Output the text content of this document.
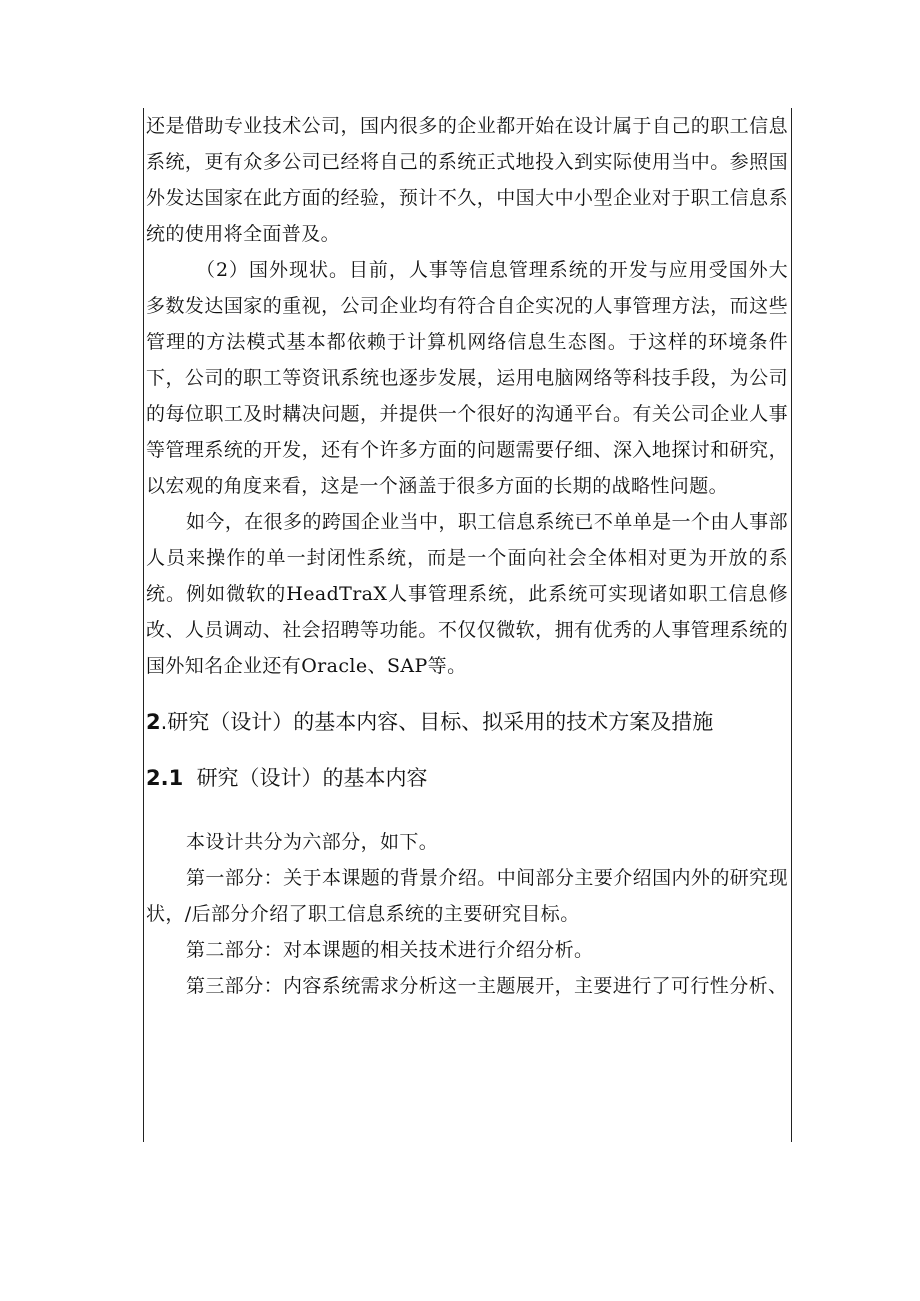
还是借助专业技术公司，国内很多的企业都开始在设计属于自己的职工信息系统，更有众多公司已经将自己的系统正式地投入到实际使用当中。参照国外发达国家在此方面的经验，预计不久，中国大中小型企业对于职工信息系统的使用将全面普及。

（2）国外现状。目前，人事等信息管理系统的开发与应用受国外大多数发达国家的重视，公司企业均有符合自企实况的人事管理方法，而这些管理的方法模式基本都依赖于计算机网络信息生态图。于这样的环境条件下，公司的职工等资讯系统也逐步发展，运用电脑网络等科技手段，为公司的每位职工及时耩决问题，并提供一个很好的沟通平台。有关公司企业人事等管理系统的开发，还有个许多方面的问题需要仔细、深入地探讨和研究，以宏观的角度来看，这是一个涵盖于很多方面的长期的战略性问题。

如今，在很多的跨国企业当中，职工信息系统已不单单是一个由人事部人员来操作的单一封闭性系统，而是一个面向社会全体相对更为开放的系统。例如微软的HeadTraX人事管理系统，此系统可实现诸如职工信息修改、人员调动、社会招聘等功能。不仅仅微软，拥有优秀的人事管理系统的国外知名企业还有Oracle、SAP等。

2.研究（设计）的基本内容、目标、拟采用的技术方案及措施
2.1 研究（设计）的基本内容

本设计共分为六部分，如下。

第一部分：关于本课题的背景介绍。中间部分主要介绍国内外的研究现状，/后部分介绍了职工信息系统的主要研究目标。

第二部分：对本课题的相关技术进行介绍分析。

第三部分：内容系统需求分析这一主题展开，主要进行了可行性分析、
